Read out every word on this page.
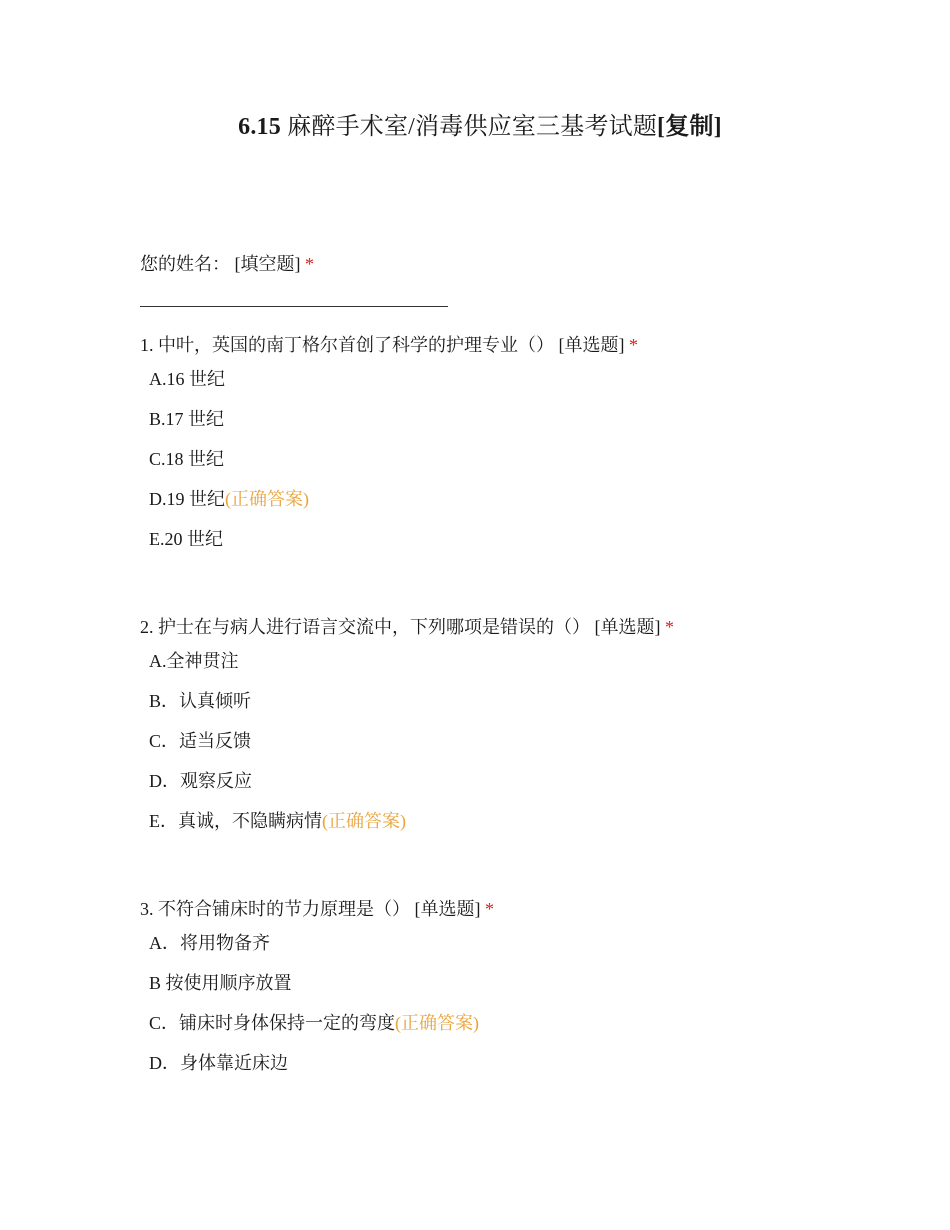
6.15 麻醉手术室/消毒供应室三基考试题[复制]
您的姓名： [填空题] *
1. 中叶，英国的南丁格尔首创了科学的护理专业（） [单选题] *
A.16 世纪
B.17 世纪
C.18 世纪
D.19 世纪(正确答案)
E.20 世纪
2. 护士在与病人进行语言交流中，下列哪项是错误的（） [单选题] *
A.全神贯注
B．认真倾听
C．适当反馈
D．观察反应
E．真诚，不隐瞒病情(正确答案)
3. 不符合铺床时的节力原理是（） [单选题] *
A．将用物备齐
B 按使用顺序放置
C．铺床时身体保持一定的弯度(正确答案)
D．身体靠近床边
